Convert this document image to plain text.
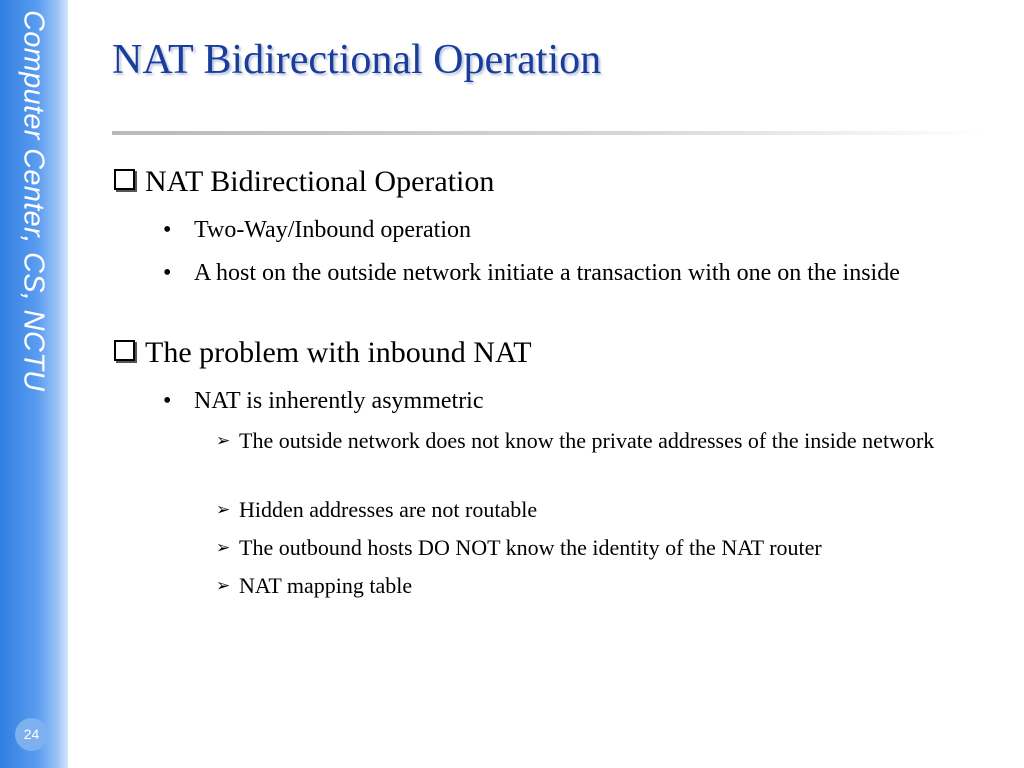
Computer Center, CS, NCTU
24
NAT Bidirectional Operation
NAT Bidirectional Operation
• Two-Way/Inbound operation
• A host on the outside network initiate a transaction with one on the inside
The problem with inbound NAT
• NAT is inherently asymmetric
➢ The outside network does not know the private addresses of the inside network
➢ Hidden addresses are not routable
➢ The outbound hosts DO NOT know the identity of the NAT router
➢ NAT mapping table
